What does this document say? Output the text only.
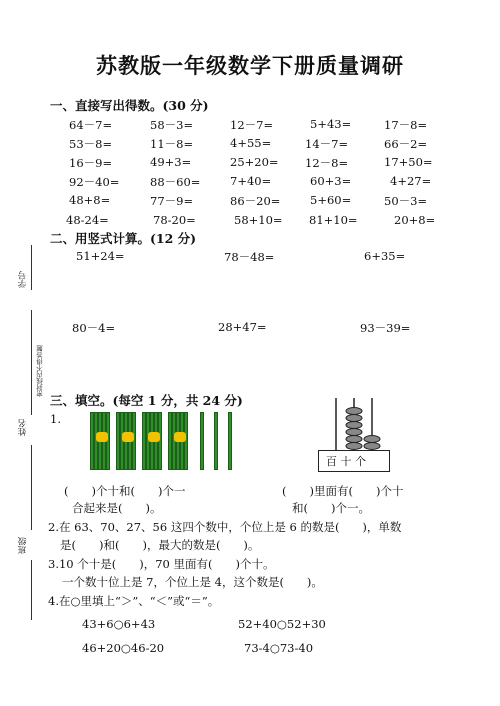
苏教版一年级数学下册质量调研
学号
姓名
密封线内不得答题
班级
一、直接写出得数。(30 分)
64－7=	58－3=	12－7=	5+43=	17－8=
53－8=	11－8=	4+55=	14－7=	66－2=
16－9=	49+3=	25+20= 12－8=	17+50=
92－40=	88－60=	7+40=	60+3=	4+27=
48+8=	77－9=	86－20=	5+60=	50－3=
48-24=	78-20=	58+10= 81+10=	20+8=
二、用竖式计算。(12 分)
51+24=	78－48=	6+35=
80－4=	28+47=	93－39=
三、填空。(每空 1 分，共 24 分)
1.
百 十 个
(　　)个十和(　　)个一	(　　)里面有(　　)个十
合起来是(　　)。	和(　　)个一。
2.在 63、70、27、56 这四个数中，个位上是 6 的数是(　　)，单数
是(　　)和(　　)，最大的数是(　　)。
3.10 个十是(　　)，70 里面有(　　)个十。
一个数十位上是 7，个位上是 4，这个数是(　　)。
4.在○里填上“＞”、“＜”或“＝”。
43+6○6+43	52+40○52+30
46+20○46-20	73-4○73-40
